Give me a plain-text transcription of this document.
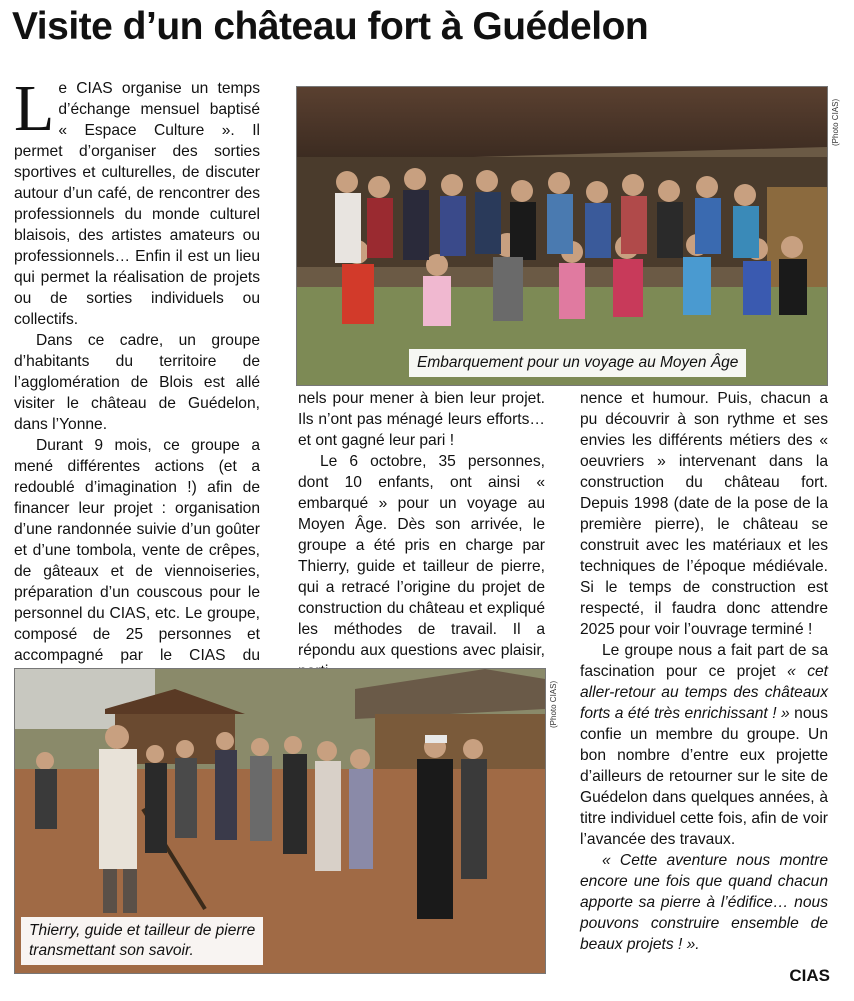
Visite d’un château fort à Guédelon

Le CIAS organise un temps d’échange mensuel baptisé « Espace Culture ». Il permet d’organiser des sorties sportives et culturelles, de discuter autour d’un café, de rencontrer des professionnels du monde culturel blaisois, des artistes amateurs ou professionnels… Enfin il est un lieu qui permet la réalisation de projets ou de sorties individuels ou collectifs.

Dans ce cadre, un groupe d’habitants du territoire de l’agglomération de Blois est allé visiter le château de Guédelon, dans l’Yonne.

Durant 9 mois, ce groupe a mené différentes actions (et a redoublé d’imagination !) afin de financer leur projet : organisation d’une randonnée suivie d’un goûter et d’une tombola, vente de crêpes, de gâteaux et de viennoiseries, préparation d’un couscous pour le personnel du CIAS, etc. Le groupe, composé de 25 personnes et accompagné par le CIAS du

nels pour mener à bien leur projet. Ils n’ont pas ménagé leurs efforts… et ont gagné leur pari !

Le 6 octobre, 35 personnes, dont 10 enfants, ont ainsi « embarqué » pour un voyage au Moyen Âge. Dès son arrivée, le groupe a été pris en charge par Thierry, guide et tailleur de pierre, qui a retracé l’origine du projet de construction du château et expliqué les méthodes de travail. Il a répondu aux questions avec plaisir,

nence et humour. Puis, chacun a pu découvrir à son rythme et ses envies les différents métiers des « oeuvriers » intervenant dans la construction du château fort. Depuis 1998 (date de la pose de la première pierre), le château se construit avec les matériaux et les techniques de l’époque médiévale. Si le temps de construction est respecté, il faudra donc attendre 2025 pour voir l’ouvrage terminé !

Le groupe nous a fait part de sa fascination pour ce projet « cet aller-retour au temps des châteaux forts a été très enrichissant ! » nous confie un membre du groupe. Un bon nombre d’entre eux projette d’ailleurs de retourner sur le site de Guédelon dans quelques années, à titre individuel cette fois, afin de voir l’avancée des travaux.

« Cette aventure nous montre encore une fois que quand chacun apporte sa pierre à l’édifice… nous pouvons construire ensemble de beaux projets ! ».

Embarquement pour un voyage au Moyen Âge
(Photo CIAS)
Thierry, guide et tailleur de pierre
transmettant son savoir.
(Photo CIAS)
CIAS
